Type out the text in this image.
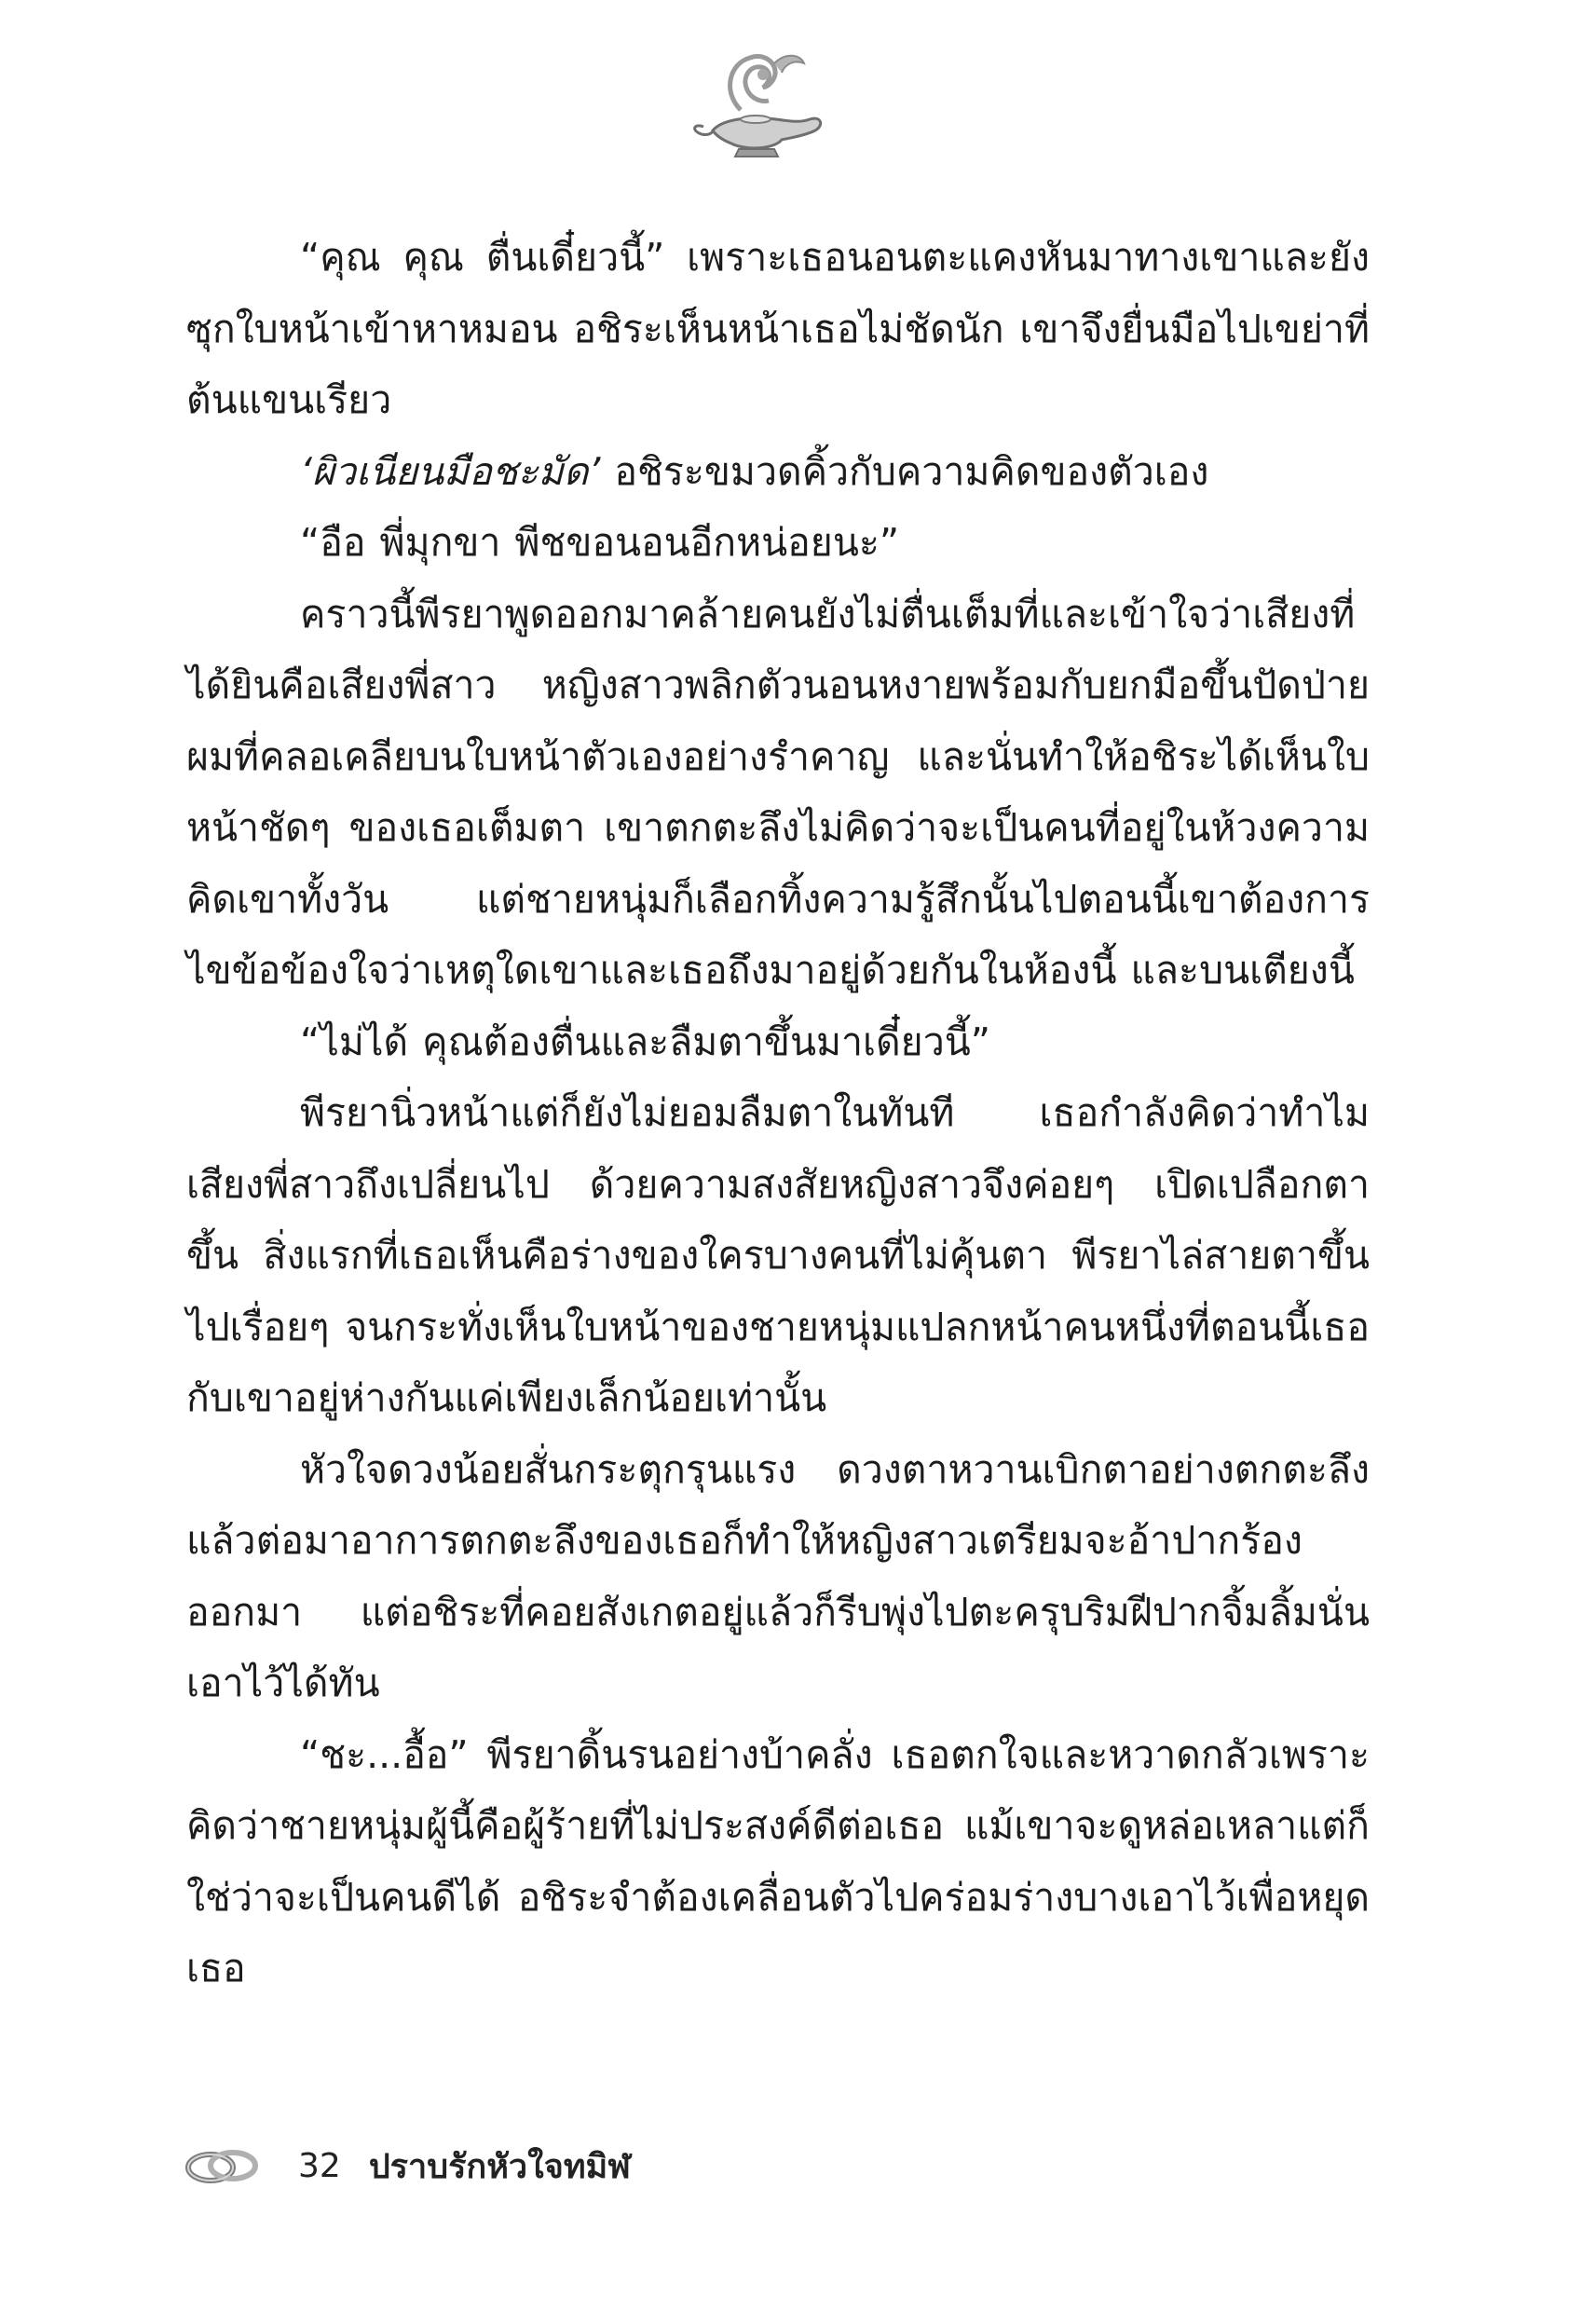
“คุณ คุณ ตื่นเดี๋ยวนี้” เพราะเธอนอนตะแคงหันมาทางเขาและยังซุกใบหน้าเข้าหาหมอน อชิระเห็นหน้าเธอไม่ชัดนัก เขาจึงยื่นมือไปเขย่าที่ต้นแขนเรียว

‘ผิวเนียนมือชะมัด’ อชิระขมวดคิ้วกับความคิดของตัวเอง

“อือ พี่มุกขา พีชขอนอนอีกหน่อยนะ”

คราวนี้พีรยาพูดออกมาคล้ายคนยังไม่ตื่นเต็มที่และเข้าใจว่าเสียงที่ได้ยินคือเสียงพี่สาว หญิงสาวพลิกตัวนอนหงายพร้อมกับยกมือขึ้นปัดป่ายผมที่คลอเคลียบนใบหน้าตัวเองอย่างรำคาญ และนั่นทำให้อชิระได้เห็นใบหน้าชัดๆ ของเธอเต็มตา เขาตกตะลึงไม่คิดว่าจะเป็นคนที่อยู่ในห้วงความคิดเขาทั้งวัน แต่ชายหนุ่มก็เลือกทิ้งความรู้สึกนั้นไปตอนนี้เขาต้องการไขข้อข้องใจว่าเหตุใดเขาและเธอถึงมาอยู่ด้วยกันในห้องนี้ และบนเตียงนี้

“ไม่ได้ คุณต้องตื่นและลืมตาขึ้นมาเดี๋ยวนี้”

พีรยานิ่วหน้าแต่ก็ยังไม่ยอมลืมตาในทันที เธอกำลังคิดว่าทำไมเสียงพี่สาวถึงเปลี่ยนไป ด้วยความสงสัยหญิงสาวจึงค่อยๆ เปิดเปลือกตาขึ้น สิ่งแรกที่เธอเห็นคือร่างของใครบางคนที่ไม่คุ้นตา พีรยาไล่สายตาขึ้นไปเรื่อยๆ จนกระทั่งเห็นใบหน้าของชายหนุ่มแปลกหน้าคนหนึ่งที่ตอนนี้เธอกับเขาอยู่ห่างกันแค่เพียงเล็กน้อยเท่านั้น

หัวใจดวงน้อยสั่นกระตุกรุนแรง ดวงตาหวานเบิกตาอย่างตกตะลึงแล้วต่อมาอาการตกตะลึงของเธอก็ทำให้หญิงสาวเตรียมจะอ้าปากร้องออกมา แต่อชิระที่คอยสังเกตอยู่แล้วก็รีบพุ่งไปตะครุบริมฝีปากจิ้มลิ้มนั่นเอาไว้ได้ทัน

“ชะ...อื้อ” พีรยาดิ้นรนอย่างบ้าคลั่ง เธอตกใจและหวาดกลัวเพราะคิดว่าชายหนุ่มผู้นี้คือผู้ร้ายที่ไม่ประสงค์ดีต่อเธอ แม้เขาจะดูหล่อเหลาแต่ก็ใช่ว่าจะเป็นคนดีได้ อชิระจำต้องเคลื่อนตัวไปคร่อมร่างบางเอาไว้เพื่อหยุดเธอ

32 ปราบรักหัวใจทมิฬ
